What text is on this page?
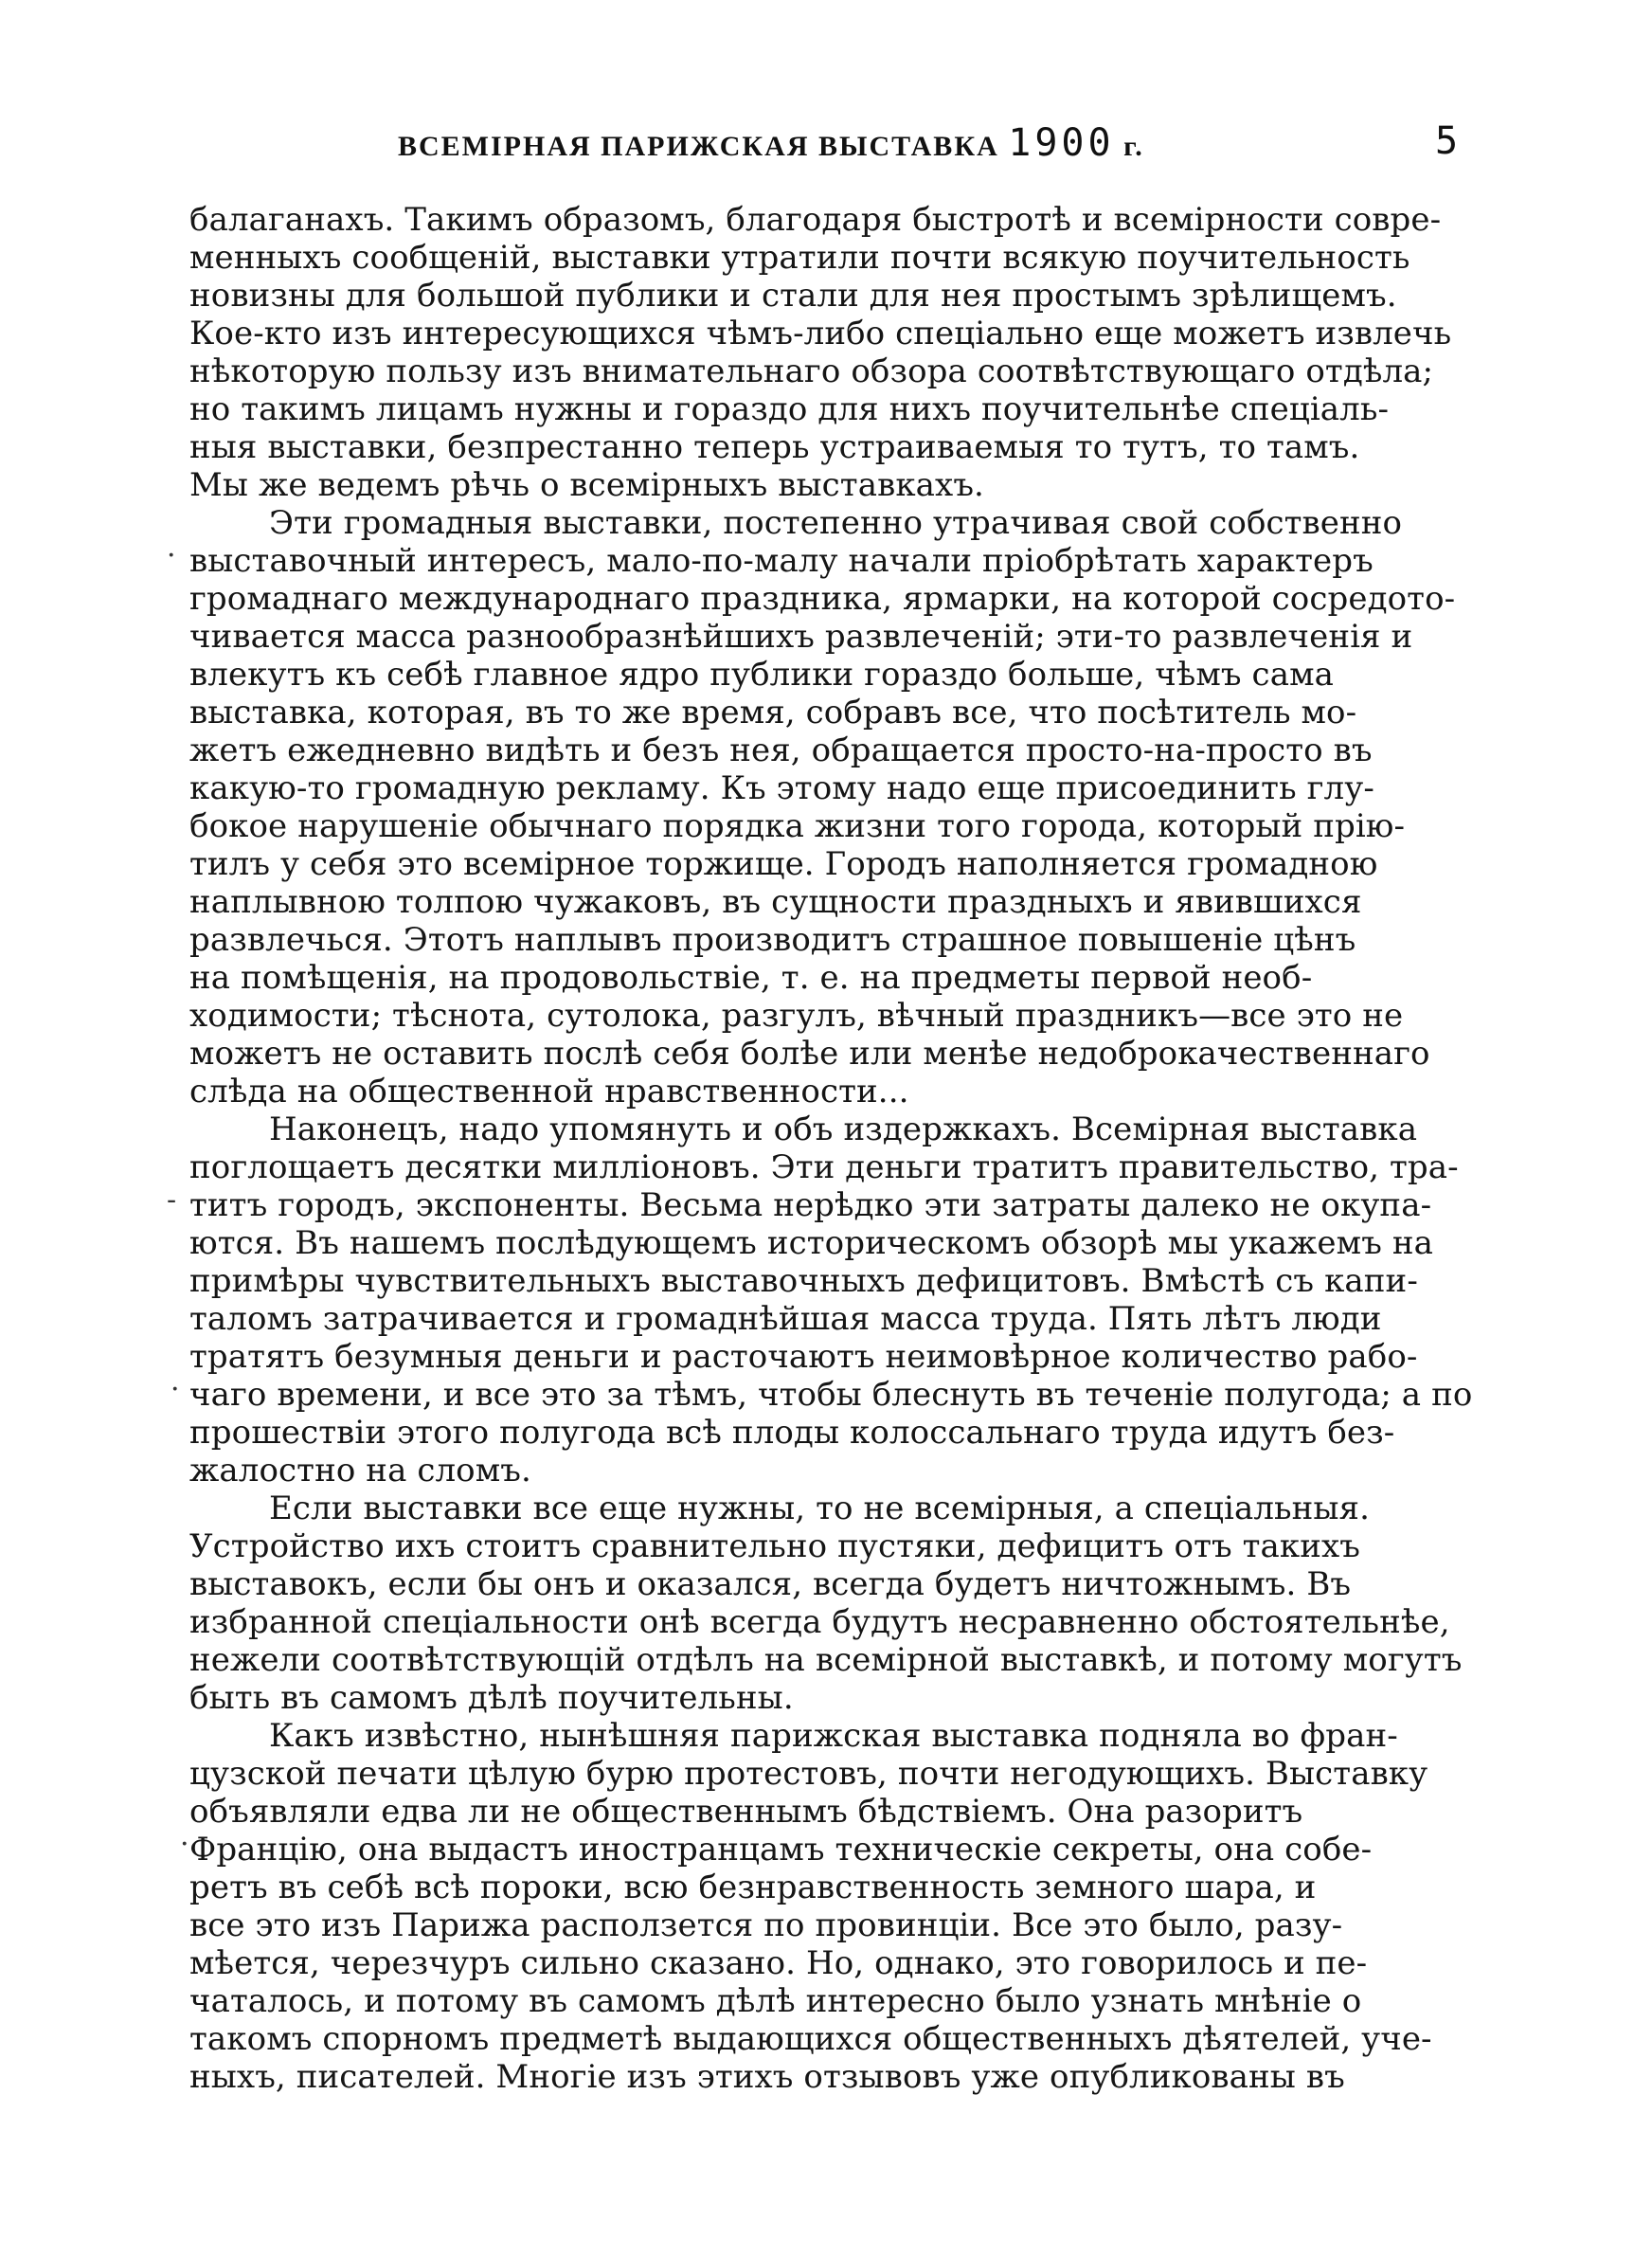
ВСЕМІРНАЯ ПАРИЖСКАЯ ВЫСТАВКА 1900 г.	5
балаганахъ. Такимъ образомъ, благодаря быстротѣ и всемірности совре-
менныхъ сообщеній, выставки утратили почти всякую поучительность
новизны для большой публики и стали для нея простымъ зрѣлищемъ.
Кое-кто изъ интересующихся чѣмъ-либо спеціально еще можетъ извлечь
нѣкоторую пользу изъ внимательнаго обзора соотвѣтствующаго отдѣла;
но такимъ лицамъ нужны и гораздо для нихъ поучительнѣе спеціаль-
ныя выставки, безпрестанно теперь устраиваемыя то тутъ, то тамъ.
Мы же ведемъ рѣчь о всемірныхъ выставкахъ.
Эти громадныя выставки, постепенно утрачивая свой собственно
выставочный интересъ, мало-по-малу начали пріобрѣтать характеръ
громаднаго международнаго праздника, ярмарки, на которой сосредото-
чивается масса разнообразнѣйшихъ развлеченій; эти-то развлеченія и
влекутъ къ себѣ главное ядро публики гораздо больше, чѣмъ сама
выставка, которая, въ то же время, собравъ все, что посѣтитель мо-
жетъ ежедневно видѣть и безъ нея, обращается просто-на-просто въ
какую-то громадную рекламу. Къ этому надо еще присоединить глу-
бокое нарушеніе обычнаго порядка жизни того города, который прію-
тилъ у себя это всемірное торжище. Городъ наполняется громадною
наплывною толпою чужаковъ, въ сущности праздныхъ и явившихся
развлечься. Этотъ наплывъ производитъ страшное повышеніе цѣнъ
на помѣщенія, на продовольствіе, т. е. на предметы первой необ-
ходимости; тѣснота, сутолока, разгулъ, вѣчный праздникъ—все это не
можетъ не оставить послѣ себя болѣе или менѣе недоброкачественнаго
слѣда на общественной нравственности...
Наконецъ, надо упомянуть и объ издержкахъ. Всемірная выставка
поглощаетъ десятки милліоновъ. Эти деньги тратитъ правительство, тра-
титъ городъ, экспоненты. Весьма нерѣдко эти затраты далеко не окупа-
ются. Въ нашемъ послѣдующемъ историческомъ обзорѣ мы укажемъ на
примѣры чувствительныхъ выставочныхъ дефицитовъ. Вмѣстѣ съ капи-
таломъ затрачивается и громаднѣйшая масса труда. Пять лѣтъ люди
тратятъ безумныя деньги и расточаютъ неимовѣрное количество рабо-
чаго времени, и все это за тѣмъ, чтобы блеснуть въ теченіе полугода; а по
прошествіи этого полугода всѣ плоды колоссальнаго труда идутъ без-
жалостно на сломъ.
Если выставки все еще нужны, то не всемірныя, а спеціальныя.
Устройство ихъ стоитъ сравнительно пустяки, дефицитъ отъ такихъ
выставокъ, если бы онъ и оказался, всегда будетъ ничтожнымъ. Въ
избранной спеціальности онѣ всегда будутъ несравненно обстоятельнѣе,
нежели соотвѣтствующій отдѣлъ на всемірной выставкѣ, и потому могутъ
быть въ самомъ дѣлѣ поучительны.
Какъ извѣстно, нынѣшняя парижская выставка подняла во фран-
цузской печати цѣлую бурю протестовъ, почти негодующихъ. Выставку
объявляли едва ли не общественнымъ бѣдствіемъ. Она разоритъ
Францію, она выдастъ иностранцамъ техническіе секреты, она собе-
ретъ въ себѣ всѣ пороки, всю безнравственность земного шара, и
все это изъ Парижа расползется по провинціи. Все это было, разу-
мѣется, черезчуръ сильно сказано. Но, однако, это говорилось и пе-
чаталось, и потому въ самомъ дѣлѣ интересно было узнать мнѣніе о
такомъ спорномъ предметѣ выдающихся общественныхъ дѣятелей, уче-
ныхъ, писателей. Многіе изъ этихъ отзывовъ уже опубликованы въ
·
-
·
·
